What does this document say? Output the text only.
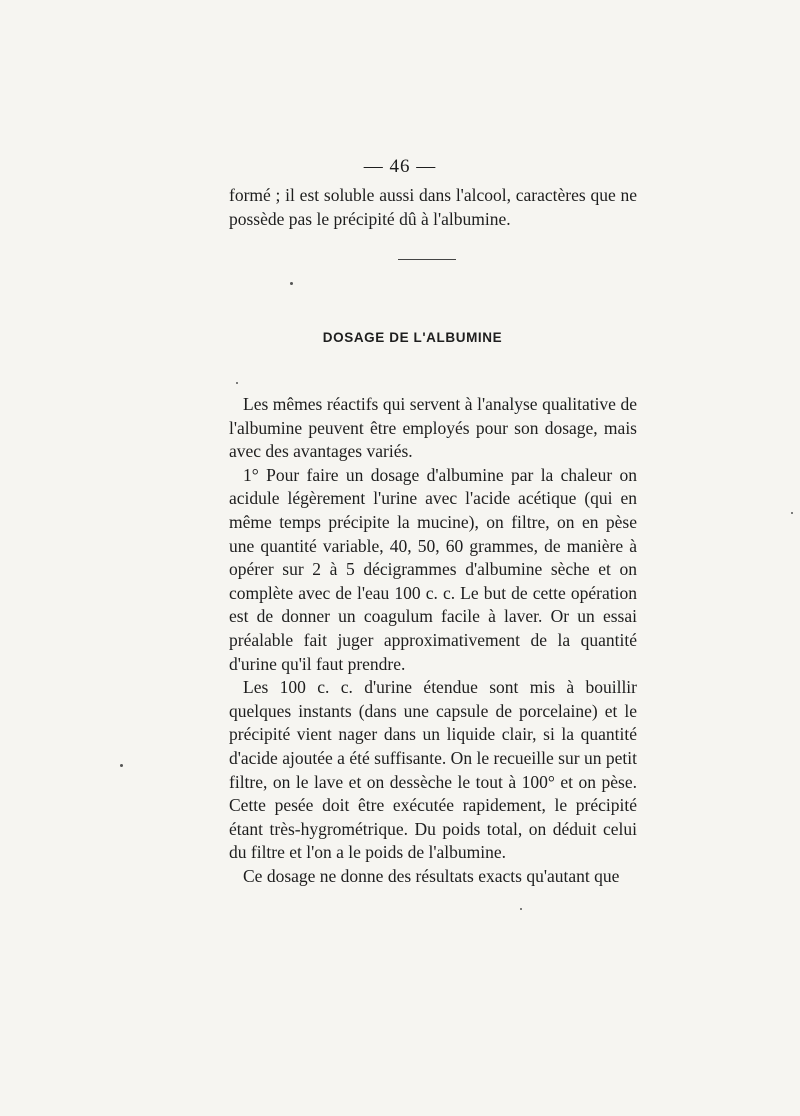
— 46 —

formé ; il est soluble aussi dans l'alcool, caractères que ne possède pas le précipité dû à l'albumine.

DOSAGE DE L'ALBUMINE

Les mêmes réactifs qui servent à l'analyse qualitative de l'albumine peuvent être employés pour son dosage, mais avec des avantages variés.

1° Pour faire un dosage d'albumine par la chaleur on acidule légèrement l'urine avec l'acide acétique (qui en même temps précipite la mucine), on filtre, on en pèse une quantité variable, 40, 50, 60 grammes, de manière à opérer sur 2 à 5 décigrammes d'albumine sèche et on complète avec de l'eau 100 c. c. Le but de cette opération est de donner un coagulum facile à laver. Or un essai préalable fait juger approximativement de la quantité d'urine qu'il faut prendre.

Les 100 c. c. d'urine étendue sont mis à bouillir quelques instants (dans une capsule de porcelaine) et le précipité vient nager dans un liquide clair, si la quantité d'acide ajoutée a été suffisante. On le recueille sur un petit filtre, on le lave et on dessèche le tout à 100° et on pèse. Cette pesée doit être exécutée rapidement, le précipité étant très-hygrométrique. Du poids total, on déduit celui du filtre et l'on a le poids de l'albumine.

Ce dosage ne donne des résultats exacts qu'autant que
